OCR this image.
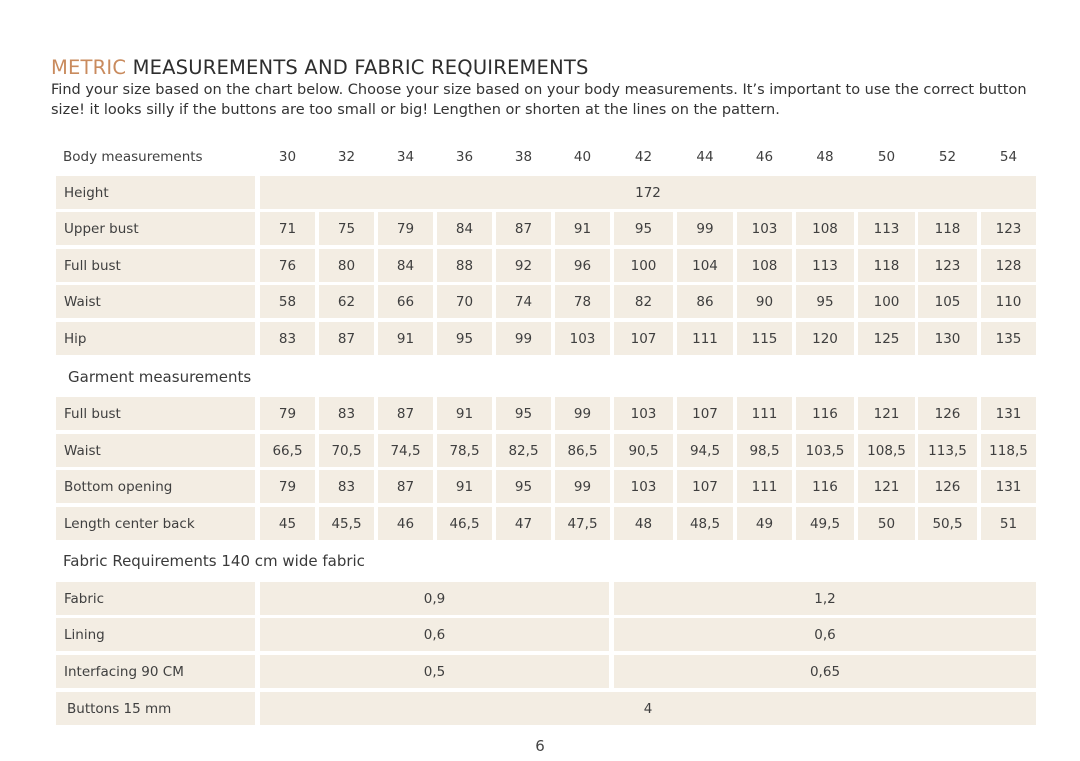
METRIC MEASUREMENTS AND FABRIC REQUIREMENTS
Find your size based on the chart below. Choose your size based on your body measurements. It’s important to use the correct button size! it looks silly if the buttons are too small or big! Lengthen or shorten at the lines on the pattern.
Body measurements	30	32	34	36	38	40	42	44	46	48	50	52	54
Height	172
Upper bust	71	75	79	84	87	91	95	99	103	108	113	118	123
Full bust	76	80	84	88	92	96	100	104	108	113	118	123	128
Waist	58	62	66	70	74	78	82	86	90	95	100	105	110
Hip	83	87	91	95	99	103	107	111	115	120	125	130	135
Garment measurements
Full bust	79	83	87	91	95	99	103	107	111	116	121	126	131
Waist	66,5	70,5	74,5	78,5	82,5	86,5	90,5	94,5	98,5	103,5	108,5	113,5	118,5
Bottom opening	79	83	87	91	95	99	103	107	111	116	121	126	131
Length center back	45	45,5	46	46,5	47	47,5	48	48,5	49	49,5	50	50,5	51
Fabric Requirements 140 cm wide fabric
Fabric	0,9	1,2
Lining	0,6	0,6
Interfacing 90 CM	0,5	0,65
Buttons 15 mm	4
6
